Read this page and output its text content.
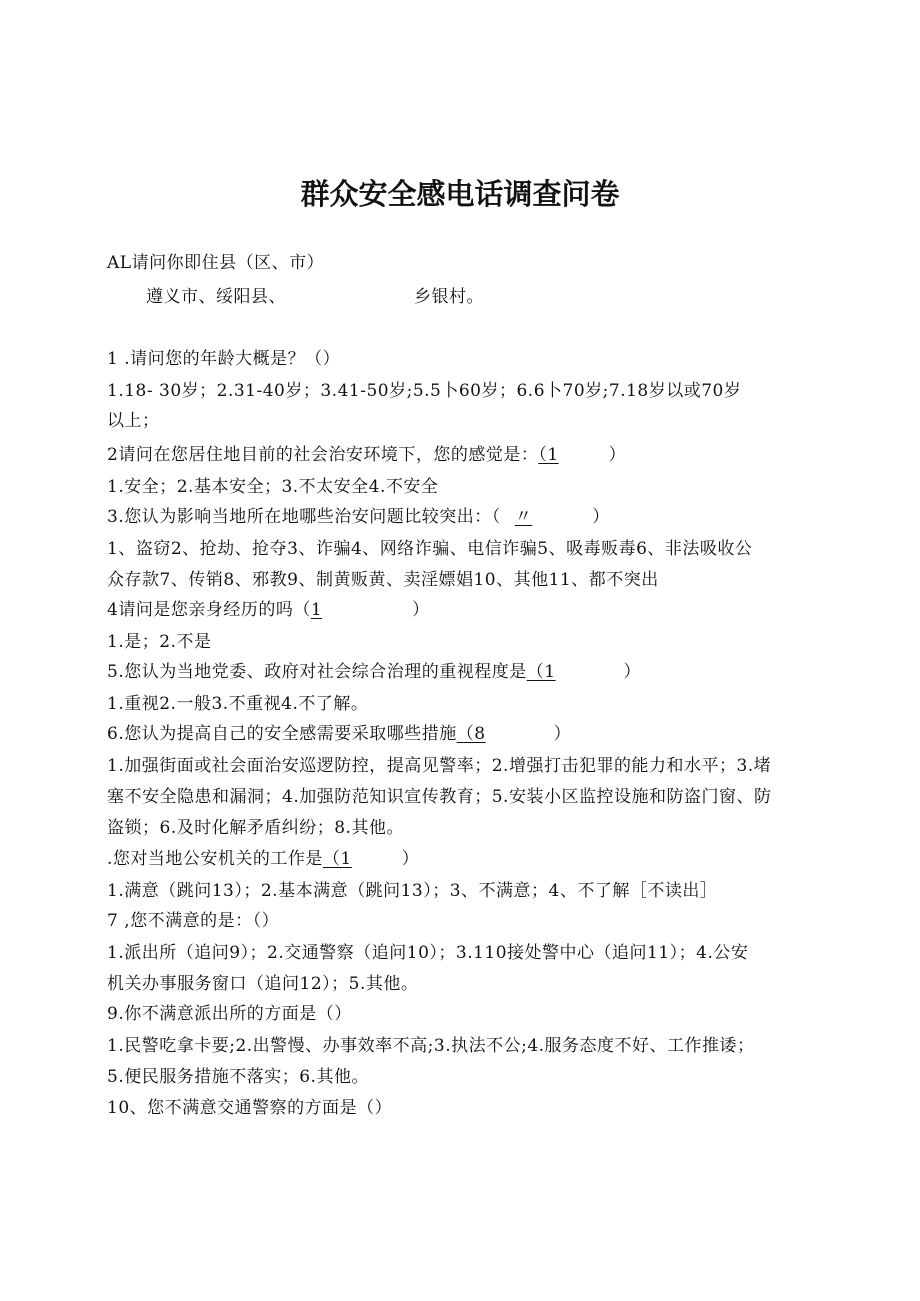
群众安全感电话调查问卷
AL请问你即住县（区、市）
遵义市、绥阳县、	乡银村。
1 .请问您的年龄大概是？（）
1.18- 30岁；2.31-40岁；3.41-50岁;5.5卜60岁；6.6卜70岁;7.18岁以或70岁
以上；
2请问在您居住地目前的社会治安环境下，您的感觉是：（1	）
1.安全；2.基本安全；3.不太安全4.不安全
3.您认为影响当地所在地哪些治安问题比较突出：（ 〃	）
1、盗窃2、抢劫、抢夺3、诈骗4、网络诈骗、电信诈骗5、吸毒贩毒6、非法吸收公
众存款7、传销8、邪教9、制黄贩黄、卖淫嫖娼10、其他11、都不突出
4请问是您亲身经历的吗（1	）
1.是；2.不是
5.您认为当地党委、政府对社会综合治理的重视程度是（1	）
1.重视2.一般3.不重视4.不了解。
6.您认为提高自己的安全感需要采取哪些措施（8	）
1.加强街面或社会面治安巡逻防控，提高见警率；2.增强打击犯罪的能力和水平；3.堵
塞不安全隐患和漏洞；4.加强防范知识宣传教育；5.安装小区监控设施和防盗门窗、防
盗锁；6.及时化解矛盾纠纷；8.其他。
.您对当地公安机关的工作是（1	）
1.满意（跳问13）；2.基本满意（跳问13）；3、不满意；4、不了解［不读出］
7 ,您不满意的是：（）
1.派出所（追问9）；2.交通警察（追问10）；3.110接处警中心（追问11）；4.公安
机关办事服务窗口（追问12）；5.其他。
9.你不满意派出所的方面是（）
1.民警吃拿卡要;2.出警慢、办事效率不高;3.执法不公;4.服务态度不好、工作推诿；
5.便民服务措施不落实；6.其他。
10、您不满意交通警察的方面是（）
